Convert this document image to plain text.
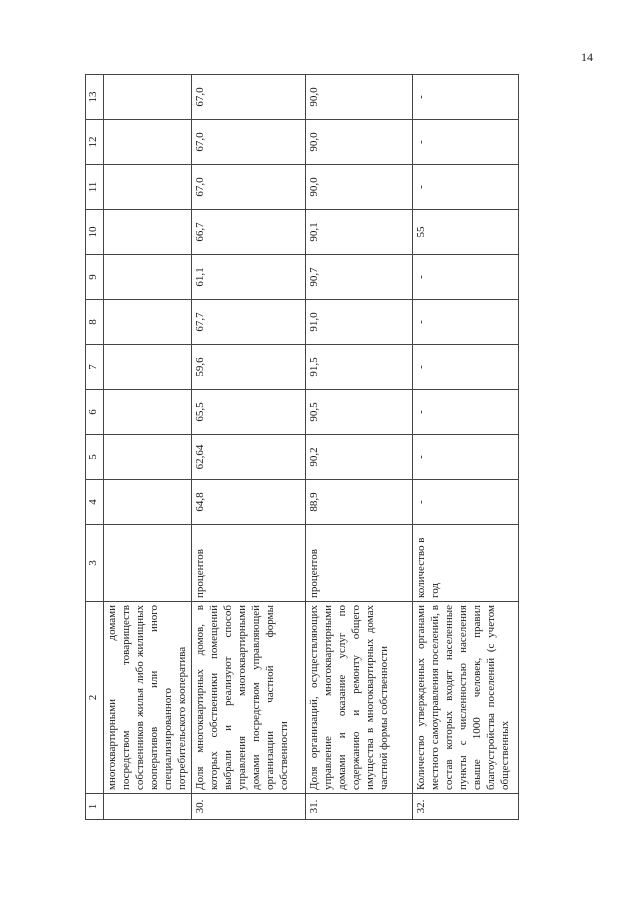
14
1	2	3	4	5	6	7	8	9	10	11	12	13
	многоквартирными домами посредством товариществ собственников жилья либо жилищных кооперативов или иного специализированного потребительского кооператива											
30.	Доля многоквартирных домов, в которых собственники помещений выбрали и реализуют способ управления многоквартирными домами посредством управляющей организации частной формы собственности	процентов	64,8	62,64	65,5	59,6	67,7	61,1	66,7	67,0	67,0	67,0
31.	Доля организаций, осуществляющих управление многоквартирными домами и оказание услуг по содержанию и ремонту общего имущества в многоквартирных домах частной формы собственности	процентов	88,9	90,2	90,5	91,5	91,0	90,7	90,1	90,0	90,0	90,0
32.	Количество утвержденных органами местного самоуправления поселений, в состав которых входят населенные пункты с численностью населения свыше 1000 человек, правил благоустройства поселений (с учетом общественных	количество в год	-	-	-	-	-	-	55	-	-	-
